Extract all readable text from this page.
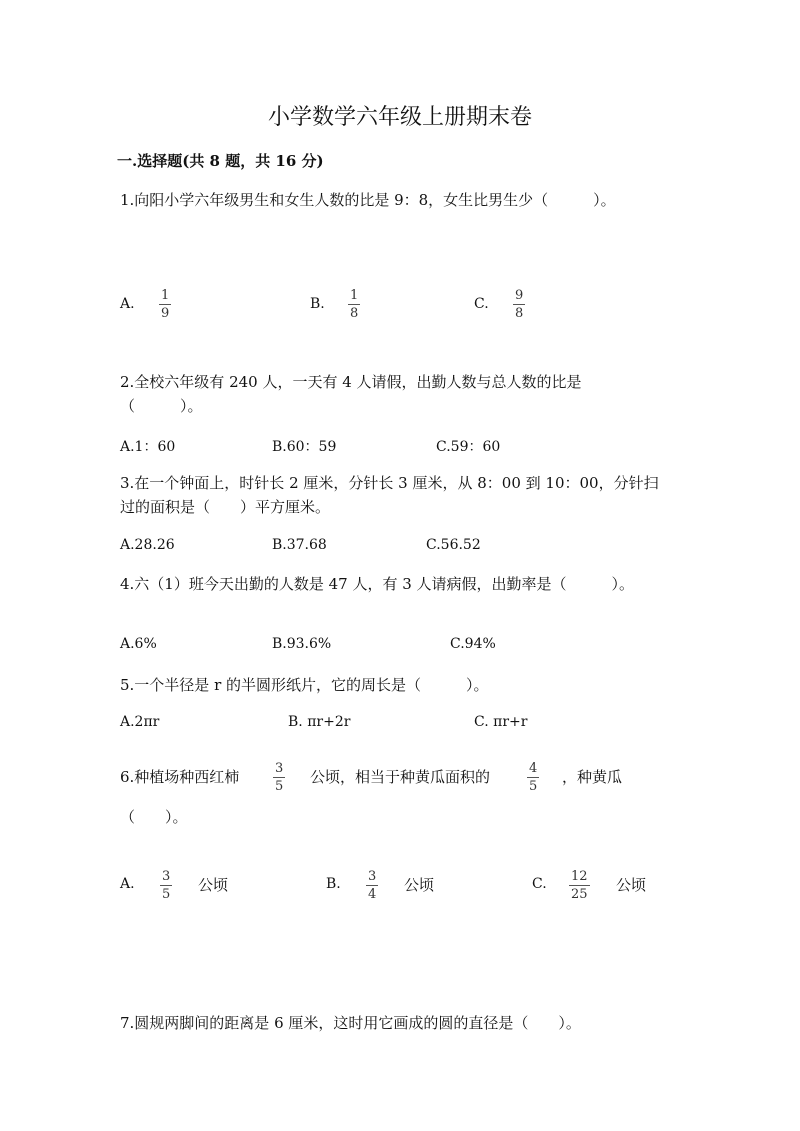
小学数学六年级上册期末卷
一.选择题(共 8 题，共 16 分)
1.向阳小学六年级男生和女生人数的比是 9：8，女生比男生少（　　　）。
A. $\frac{1}{9}$	B. $\frac{1}{8}$	C. $\frac{9}{8}$
2.全校六年级有 240 人，一天有 4 人请假，出勤人数与总人数的比是
（　　　）。
A.1：60	B.60：59	C.59：60
3.在一个钟面上，时针长 2 厘米，分针长 3 厘米，从 8：00 到 10：00，分针扫
过的面积是（　　）平方厘米。
A.28.26	B.37.68	C.56.52
4.六（1）班今天出勤的人数是 47 人，有 3 人请病假，出勤率是（　　　）。
A.6%	B.93.6%	C.94%
5.一个半径是 r 的半圆形纸片，它的周长是（　　　）。
A.2πr	B. πr+2r	C. πr+r
6.种植场种西红柿	$\frac{3}{5}$ 公顷，相当于种黄瓜面积的	$\frac{4}{5}$ ，种黄瓜
（　　）。
A. $\frac{3}{5}$ 公顷	B. $\frac{3}{4}$ 公顷	C. $\frac{12}{25}$ 公顷
7.圆规两脚间的距离是 6 厘米，这时用它画成的圆的直径是（　　）。
